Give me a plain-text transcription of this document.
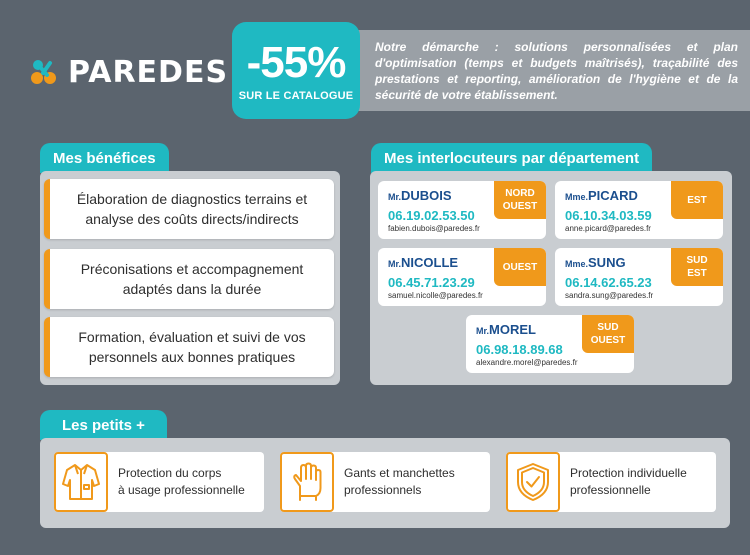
PAREDES

Notre démarche : solutions personnalisées et plan d'optimisation (temps et budgets maîtrisés), traçabilité des prestations et reporting, amélioration de l'hygiène et de la sécurité de votre établissement.

-55%
SUR LE CATALOGUE
Mes bénéfices
Élaboration de diagnostics terrains et analyse des coûts directs/indirects
Préconisations et accompagnement adaptés dans la durée
Formation, évaluation et suivi de vos personnels aux bonnes pratiques
Mes interlocuteurs par département
Mr.DUBOIS
06.19.02.53.50
fabien.dubois@paredes.fr
NORD
OUEST
Mme.PICARD
06.10.34.03.59
anne.picard@paredes.fr
EST
Mr.NICOLLE
06.45.71.23.29
samuel.nicolle@paredes.fr
OUEST	Mme.SUNG
06.14.62.65.23
sandra.sung@paredes.fr
SUD
EST
Mr.MOREL
06.98.18.89.68
alexandre.morel@paredes.fr
SUD
OUEST
Les petits +
Protection du corps
à usage professionnelle
Gants et manchettes
professionnels
Protection individuelle
professionnelle
